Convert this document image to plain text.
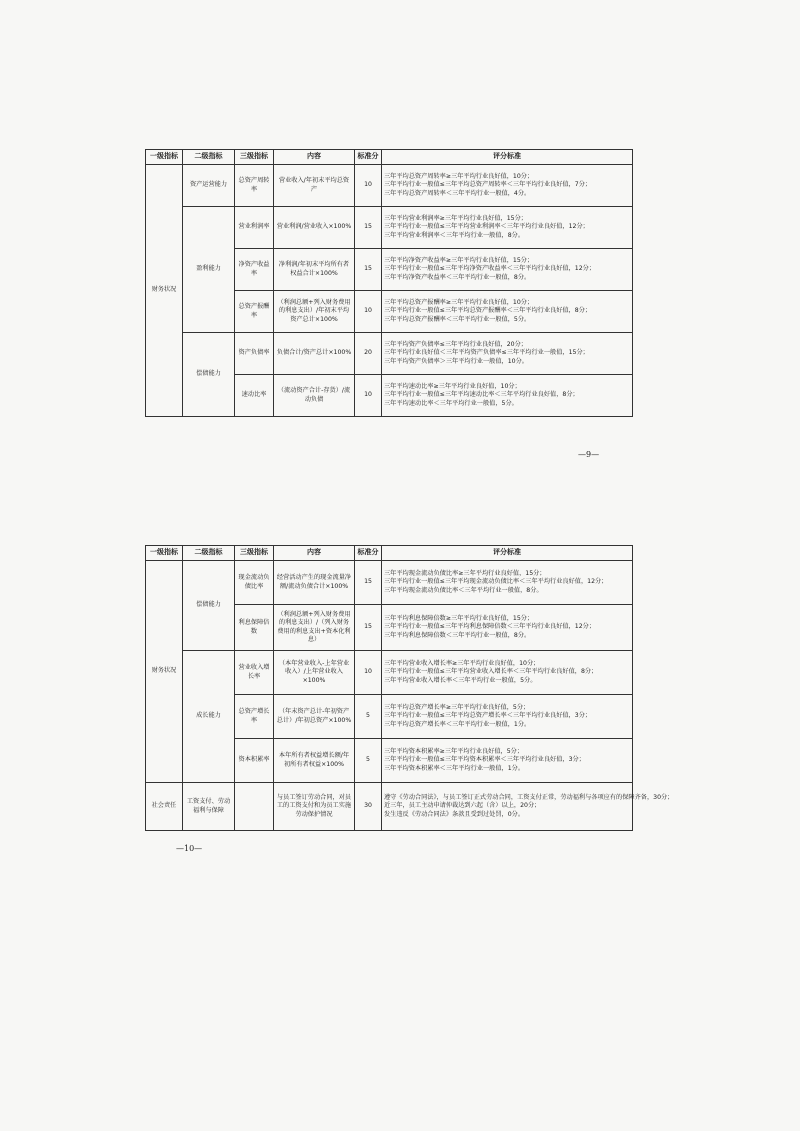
一级指标	二级指标	三级指标	内容	标准分	评分标准
财务状况	资产运营能力	总资产周转率	营业收入/年初末平均总资产	10	三年平均总资产周转率≥三年平均行业良好值，10分；
三年平均行业一般值≤三年平均总资产周转率＜三年平均行业良好值，7分；
三年平均总资产周转率＜三年平均行业一般值，4分。

	盈利能力	营业利润率	营业利润/营业收入×100%	15	三年平均营业利润率≥三年平均行业良好值，15分；
三年平均行业一般值≤三年平均营业利润率＜三年平均行业良好值，12分；
三年平均营业利润率＜三年平均行业一般值，8分。

		净资产收益率	净利润/年初末平均所有者权益合计×100%	15	三年平均净资产收益率≥三年平均行业良好值，15分；
三年平均行业一般值≤三年平均净资产收益率＜三年平均行业良好值，12分；
三年平均净资产收益率＜三年平均行业一般值，8分。

		总资产报酬率	（利润总额+列入财务费用的利息支出）/年初末平均资产总计×100%	10	三年平均总资产报酬率≥三年平均行业良好值，10分；
三年平均行业一般值≤三年平均总资产报酬率＜三年平均行业良好值，8分；
三年平均总资产报酬率＜三年平均行业一般值，5分。

	偿债能力	资产负债率	负债合计/资产总计×100%	20	三年平均资产负债率≤三年平均行业良好值，20分；
三年平均行业良好值＜三年平均资产负债率≤三年平均行业一般值，15分；
三年平均资产负债率＞三年平均行业一般值，10分。

		速动比率	（流动资产合计-存货）/流动负债	10	三年平均速动比率≥三年平均行业良好值，10分；
三年平均行业一般值≤三年平均速动比率＜三年平均行业良好值，8分；
三年平均速动比率＜三年平均行业一般值，5分。
—9—
一级指标	二级指标	三级指标	内容	标准分	评分标准
财务状况	偿债能力	现金流动负债比率	经营活动产生的现金流量净额/流动负债合计×100%	15	三年平均现金流动负债比率≥三年平均行业良好值，15分；
三年平均行业一般值≤三年平均现金流动负债比率＜三年平均行业良好值，12分；
三年平均现金流动负债比率＜三年平均行业一般值，8分。

		利息保障倍数	（利润总额+列入财务费用的利息支出）/（列入财务费用的利息支出+资本化利息）	15	三年平均利息保障倍数≥三年平均行业良好值，15分；
三年平均行业一般值≤三年平均利息保障倍数＜三年平均行业良好值，12分；
三年平均利息保障倍数＜三年平均行业一般值，8分。

	成长能力	营业收入增长率	（本年营业收入-上年营业收入）/上年营业收入×100%	10	三年平均营业收入增长率≥三年平均行业良好值，10分；
三年平均行业一般值≤三年平均营业收入增长率＜三年平均行业良好值，8分；
三年平均营业收入增长率＜三年平均行业一般值，5分。

		总资产增长率	（年末资产总计-年初资产总计）/年初总资产×100%	5	三年平均总资产增长率≥三年平均行业良好值，5分；
三年平均行业一般值≤三年平均总资产增长率＜三年平均行业良好值，3分；
三年平均总资产增长率＜三年平均行业一般值，1分。

		资本积累率	本年所有者权益增长额/年初所有者权益×100%	5	三年平均资本积累率≥三年平均行业良好值，5分；
三年平均行业一般值≤三年平均资本积累率＜三年平均行业良好值，3分；
三年平均资本积累率＜三年平均行业一般值，1分。

社会责任	工资支付、劳动福利与保障		与员工签订劳动合同，对员工的工资支付和为员工实施劳动保护情况	30	遵守《劳动合同法》，与员工签订正式劳动合同，工资支付正常，劳动福利与各项应有的保障齐备，30分；
近三年，员工主动申请仲裁达到六起（含）以上，20分；
发生违反《劳动合同法》条款且受到过处罚，0分。
—10—
